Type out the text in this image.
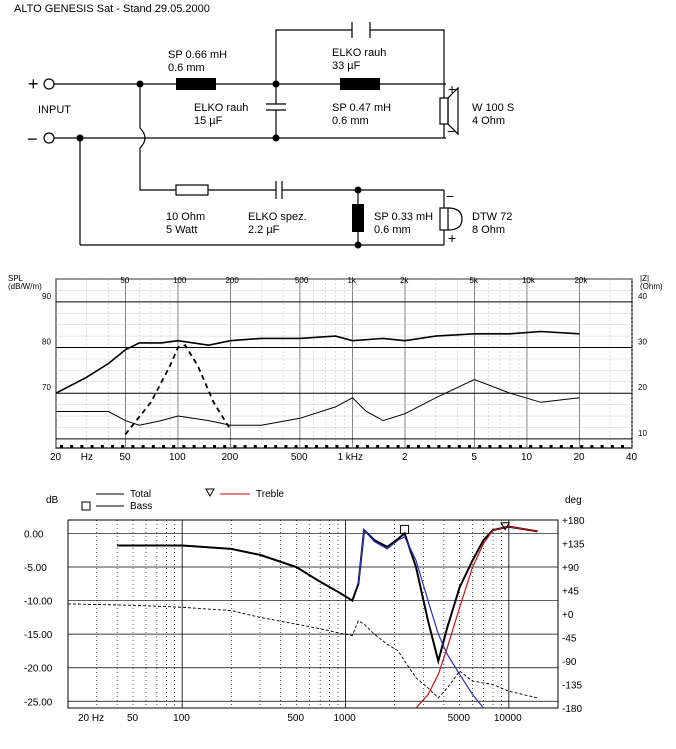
ALTO GENESIS Sat - Stand 29.05.2000
+
−
INPUT
SP 0.66 mH
0.6 mm
ELKO rauh
15 µF
ELKO rauh
33 µF
SP 0.47 mH
0.6 mm
W 100 S
4 Ohm
+
−
10 Ohm
5 Watt
ELKO spez.
2.2 µF
SP 0.33 mH
0.6 mm
DTW 72
8 Ohm
−
+
SPL
(dB/W/m)
|Z|
(Ohm)
90
80
70
40
30
20
10
50	100	200	500	1k	2k	5k	10k	20k
20 Hz	50	100	200	500	1 kHz	2	5	10	20	40
0.00
-5.00
-10.00
-15.00
-20.00
-25.00
+180
+135
+90
+45
+0
-45
-90
-135
-180
20 Hz 50	100	500	1000	5000 10000
Total
Bass
Treble
dB	deg
